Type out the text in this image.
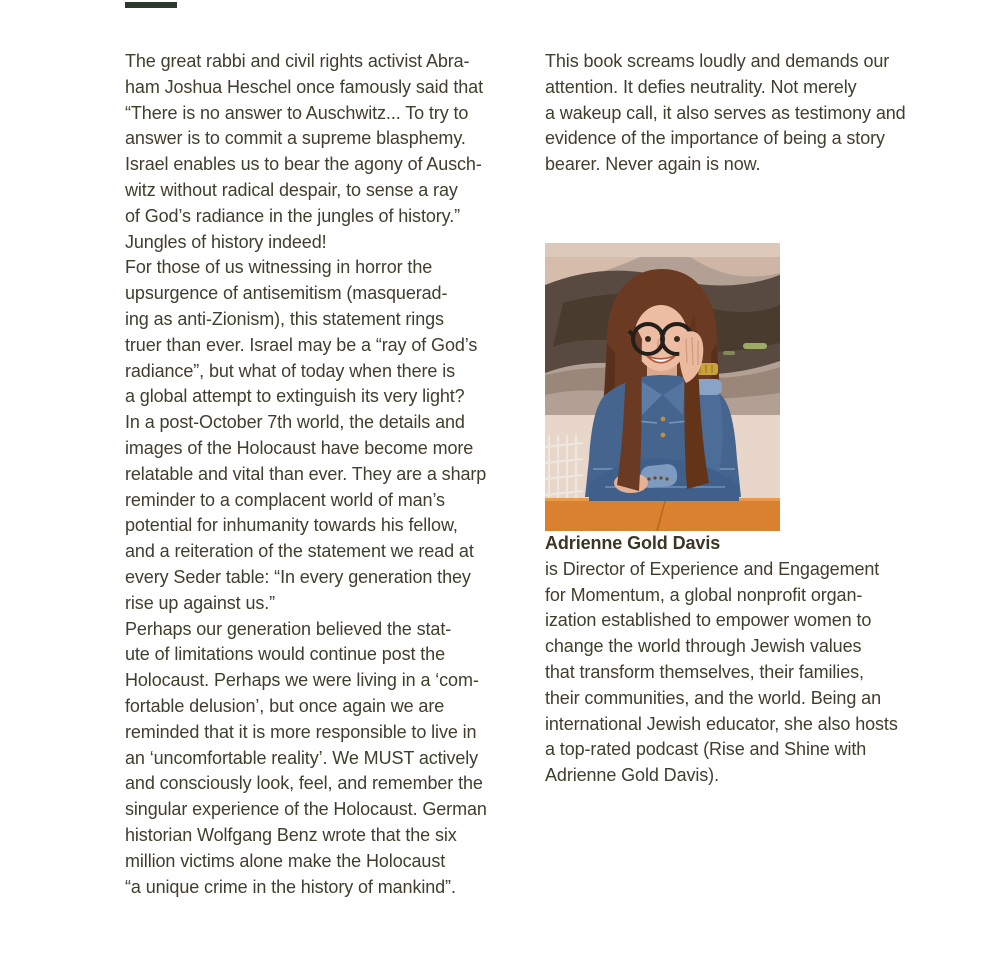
The great rabbi and civil rights activist Abra-
ham Joshua Heschel once famously said that
“There is no answer to Auschwitz... To try to
answer is to commit a supreme blasphemy.
Israel enables us to bear the agony of Ausch-
witz without radical despair, to sense a ray
of God’s radiance in the jungles of history.”
Jungles of history indeed!

For those of us witnessing in horror the
upsurgence of antisemitism (masquerad-
ing as anti-Zionism), this statement rings
truer than ever. Israel may be a “ray of God’s
radiance”, but what of today when there is
a global attempt to extinguish its very light?
In a post-October 7th world, the details and
images of the Holocaust have become more
relatable and vital than ever. They are a sharp
reminder to a complacent world of man’s
potential for inhumanity towards his fellow,
and a reiteration of the statement we read at
every Seder table: “In every generation they
rise up against us.”

Perhaps our generation believed the stat-
ute of limitations would continue post the
Holocaust. Perhaps we were living in a ‘com-
fortable delusion’, but once again we are
reminded that it is more responsible to live in
an ‘uncomfortable reality’. We MUST actively
and consciously look, feel, and remember the
singular experience of the Holocaust. German
historian Wolfgang Benz wrote that the six
million victims alone make the Holocaust
“a unique crime in the history of mankind”.

This book screams loudly and demands our
attention. It defies neutrality. Not merely
a wakeup call, it also serves as testimony and
evidence of the importance of being a story
bearer. Never again is now.

Adrienne Gold Davis

is Director of Experience and Engagement
for Momentum, a global nonprofit organ-
ization established to empower women to
change the world through Jewish values
that transform themselves, their families,
their communities, and the world. Being an
international Jewish educator, she also hosts
a top-rated podcast (Rise and Shine with
Adrienne Gold Davis).
